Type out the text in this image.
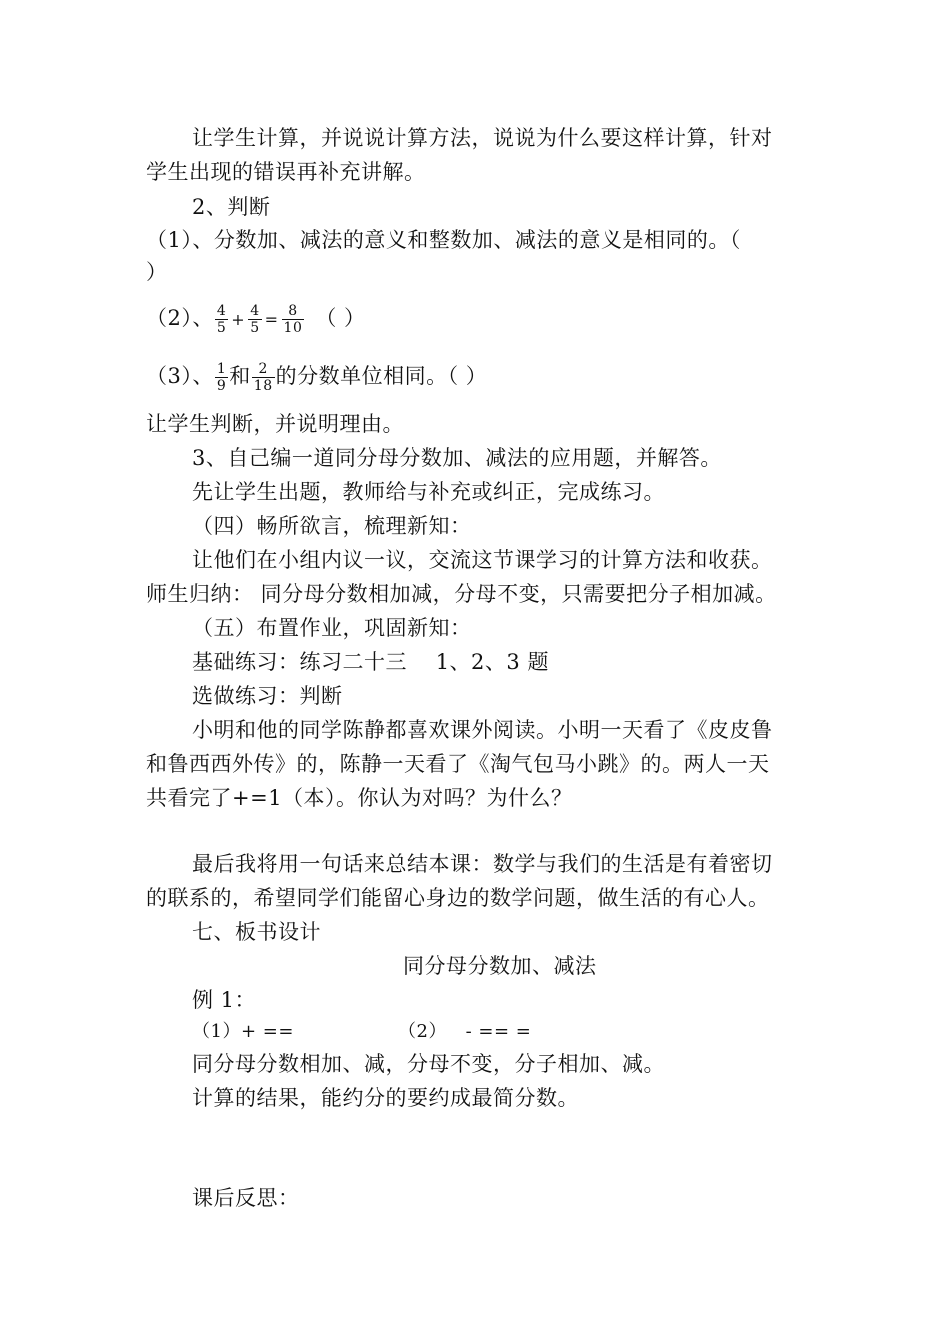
让学生计算，并说说计算方法，说说为什么要这样计算，针对
学生出现的错误再补充讲解。
2、判断
（1）、分数加、减法的意义和整数加、减法的意义是相同的。（
）
（2）、 $\frac{4}{5} + \frac{4}{5} = \frac{8}{10}$ （ ）
（3）、 $\frac{1}{9}$ 和 $\frac{2}{18}$ 的分数单位相同。（ ）
让学生判断，并说明理由。
3、自己编一道同分母分数加、减法的应用题，并解答。
先让学生出题，教师给与补充或纠正，完成练习。
（四）畅所欲言，梳理新知：
让他们在小组内议一议，交流这节课学习的计算方法和收获。
师生归纳： 同分母分数相加减，分母不变，只需要把分子相加减。
（五）布置作业，巩固新知：
基础练习：练习二十三    1、2、3 题
选做练习：判断
小明和他的同学陈静都喜欢课外阅读。小明一天看了《皮皮鲁
和鲁西西外传》的，陈静一天看了《淘气包马小跳》的。两人一天
共看完了+=1（本）。你认为对吗？为什么？
最后我将用一句话来总结本课：数学与我们的生活是有着密切
的联系的，希望同学们能留心身边的数学问题，做生活的有心人。
七、板书设计
同分母分数加、减法
例 1：
（1）+ ==	（2）   - == =
同分母分数相加、减，分母不变，分子相加、减。
计算的结果，能约分的要约成最简分数。
课后反思：
